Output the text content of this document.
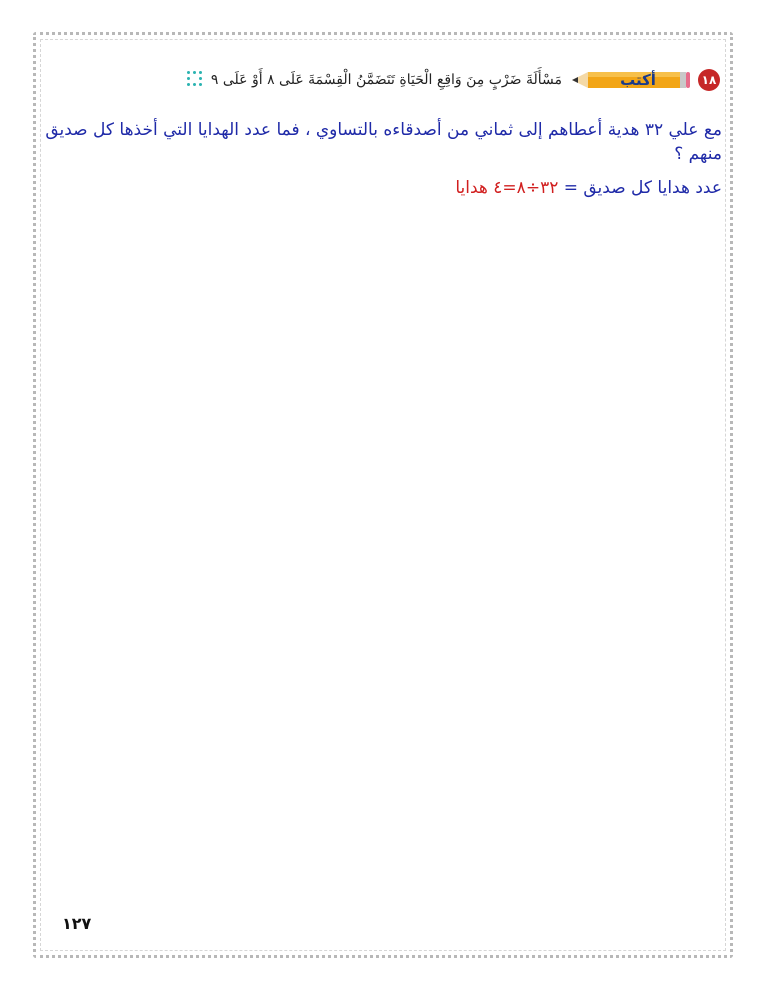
١٨
أكتب
مَسْأَلَةَ ضَرْبٍ مِنَ وَاقِعِ الْحَيَاةِ تَتَضَمَّنُ الْقِسْمَةَ عَلَى ٨ أَوْ عَلَى ٩

مع علي ٣٢ هدية أعطاهم إلى ثماني من أصدقاءه بالتساوي ، فما عدد الهدايا التي أخذها كل صديق منهم ؟

عدد هدايا كل صديق = ٣٢÷٨=٤ هدايا

١٢٧
